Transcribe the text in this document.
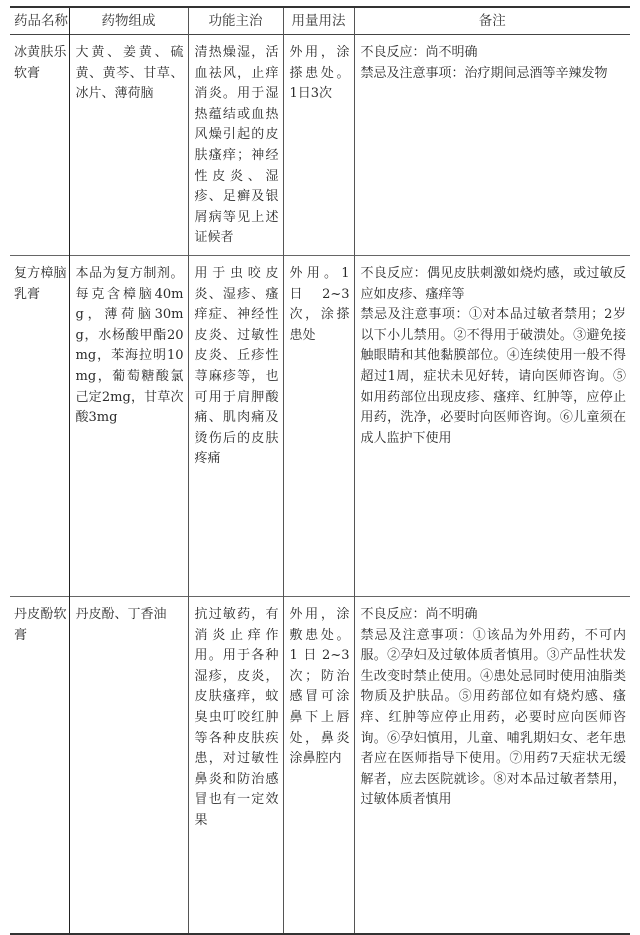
药品名称	药物组成	功能主治	用量用法	备注
冰黄肤乐软膏	大黄、姜黄、硫黄、黄芩、甘草、冰片、薄荷脑	清热燥湿，活血祛风，止痒消炎。用于湿热蕴结或血热风燥引起的皮肤瘙痒；神经性皮炎、湿疹、足癣及银屑病等见上述证候者	外用，涂搽患处。1日3次	不良反应：尚不明确
禁忌及注意事项：治疗期间忌酒等辛辣发物

复方樟脑乳膏	本品为复方制剂。每克含樟脑40mg，薄荷脑30mg，水杨酸甲酯20mg，苯海拉明10mg，葡萄糖酸氯己定2mg，甘草次酸3mg	用于虫咬皮炎、湿疹、瘙痒症、神经性皮炎、过敏性皮炎、丘疹性荨麻疹等，也可用于肩胛酸痛、肌肉痛及烫伤后的皮肤疼痛	外用。1日2~3次，涂搽患处	不良反应：偶见皮肤刺激如烧灼感，或过敏反应如皮疹、瘙痒等
禁忌及注意事项：①对本品过敏者禁用；2岁以下小儿禁用。②不得用于破溃处。③避免接触眼睛和其他黏膜部位。④连续使用一般不得超过1周，症状未见好转，请向医师咨询。⑤如用药部位出现皮疹、瘙痒、红肿等，应停止用药，洗净，必要时向医师咨询。⑥儿童须在成人监护下使用

丹皮酚软膏	丹皮酚、丁香油	抗过敏药，有消炎止痒作用。用于各种湿疹，皮炎，皮肤瘙痒，蚊臭虫叮咬红肿等各种皮肤疾患，对过敏性鼻炎和防治感冒也有一定效果	外用，涂敷患处。1日2~3次；防治感冒可涂鼻下上唇处，鼻炎涂鼻腔内	不良反应：尚不明确
禁忌及注意事项：①该品为外用药，不可内服。②孕妇及过敏体质者慎用。③产品性状发生改变时禁止使用。④患处忌同时使用油脂类物质及护肤品。⑤用药部位如有烧灼感、瘙痒、红肿等应停止用药，必要时应向医师咨询。⑥孕妇慎用，儿童、哺乳期妇女、老年患者应在医师指导下使用。⑦用药7天症状无缓解者，应去医院就诊。⑧对本品过敏者禁用，过敏体质者慎用
